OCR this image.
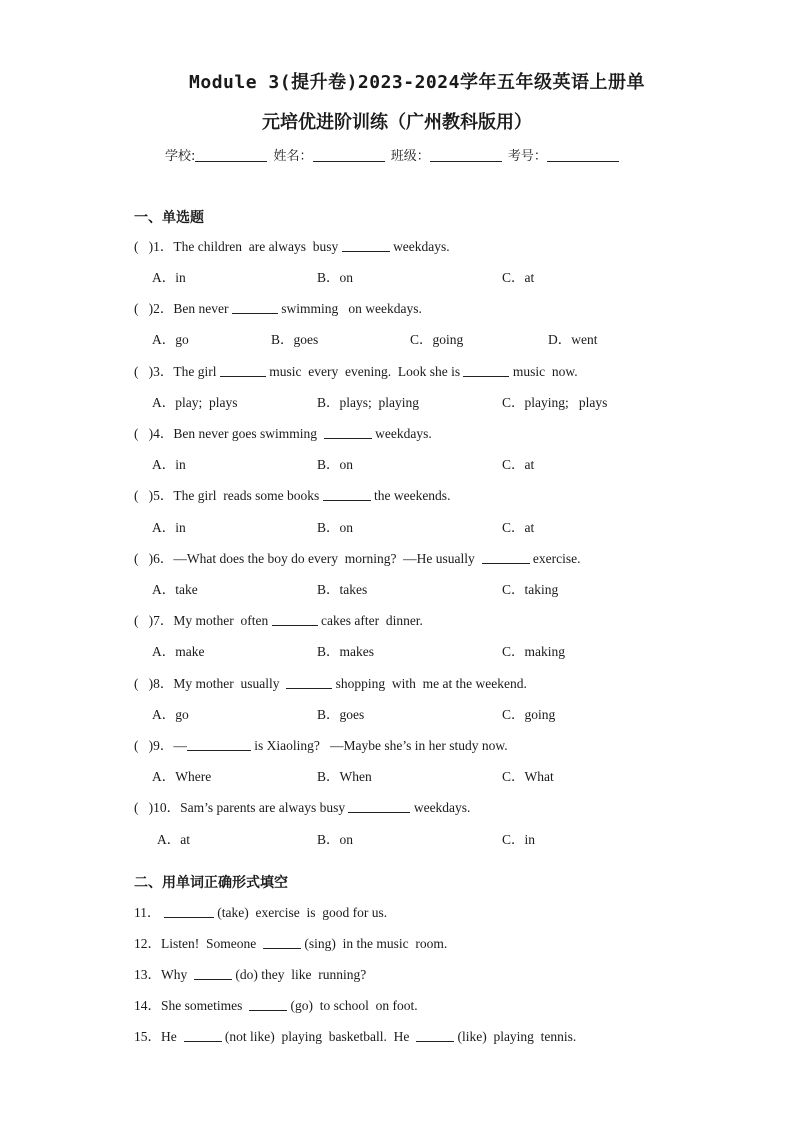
Module 3(提升卷)2023-2024学年五年级英语上册单
元培优进阶训练（广州教科版用）
学校:	姓名：	班级：	考号：
一、单选题
(   )1．The children  are always  busy	weekdays.
A．in	B．on	C．at
(   )2．Ben never	swimming   on weekdays.
A．go	B．goes	C．going	D．went
(   )3．The girl	music  every  evening.  Look she is	music  now.
A．play;  plays	B．plays;  playing	C．playing;   plays
(   )4．Ben never goes swimming	weekdays.
A．in	B．on	C．at
(   )5．The girl  reads some books	the weekends.
A．in	B．on	C．at
(   )6．—What does the boy do every  morning?  —He usually	exercise.
A．take	B．takes	C．taking
(   )7．My mother  often	cakes after  dinner.
A．make	B．makes	C．making
(   )8．My mother  usually	shopping  with  me at the weekend.
A．go	B．goes	C．going
(   )9．—	is Xiaoling?   —Maybe she’s in her study now.
A．Where	B．When	C．What
(   )10．Sam’s parents are always busy	weekdays.
A．at	B．on	C．in
二、用单词正确形式填空
11．	(take)  exercise  is  good for us.
12．Listen!  Someone	(sing)  in the music  room.
13．Why	(do) they  like  running?
14．She sometimes	(go)  to school  on foot.
15．He	(not like)  playing  basketball.  He	(like)  playing  tennis.
